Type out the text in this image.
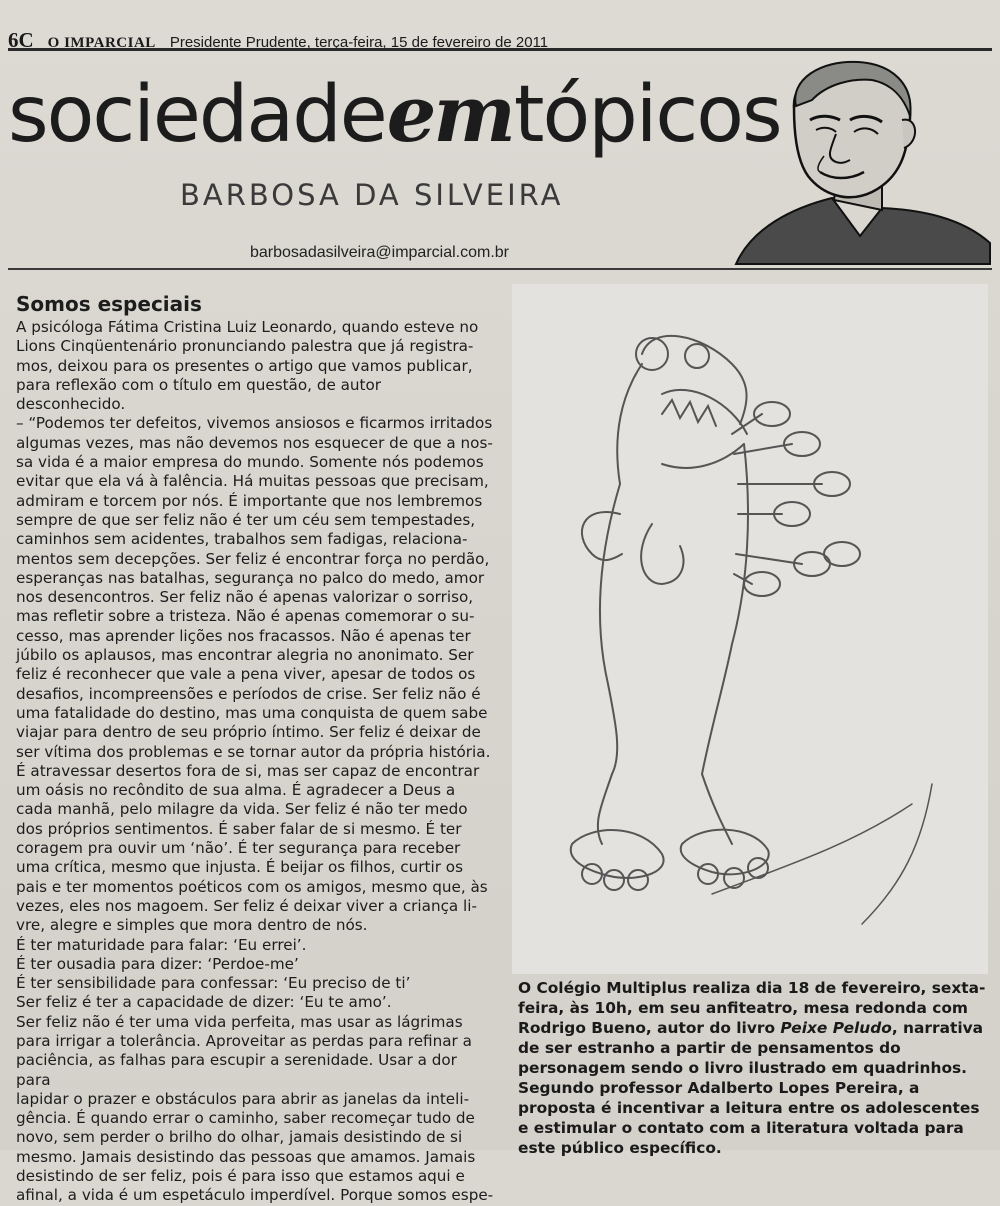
6C O IMPARCIAL Presidente Prudente, terça-feira, 15 de fevereiro de 2011
sociedadeemtópicos
BARBOSA DA SILVEIRA
barbosadasilveira@imparcial.com.br
Somos especiais

A psicóloga Fátima Cristina Luiz Leonardo, quando esteve no
Lions Cinqüentenário pronunciando palestra que já registra-
mos, deixou para os presentes o artigo que vamos publicar,
para reflexão com o título em questão, de autor desconhecido.
– “Podemos ter defeitos, vivemos ansiosos e ficarmos irritados
algumas vezes, mas não devemos nos esquecer de que a nos-
sa vida é a maior empresa do mundo. Somente nós podemos
evitar que ela vá à falência. Há muitas pessoas que precisam,
admiram e torcem por nós. É importante que nos lembremos
sempre de que ser feliz não é ter um céu sem tempestades,
caminhos sem acidentes, trabalhos sem fadigas, relaciona-
mentos sem decepções. Ser feliz é encontrar força no perdão,
esperanças nas batalhas, segurança no palco do medo, amor
nos desencontros. Ser feliz não é apenas valorizar o sorriso,
mas refletir sobre a tristeza. Não é apenas comemorar o su-
cesso, mas aprender lições nos fracassos. Não é apenas ter
júbilo os aplausos, mas encontrar alegria no anonimato. Ser
feliz é reconhecer que vale a pena viver, apesar de todos os
desafios, incompreensões e períodos de crise. Ser feliz não é
uma fatalidade do destino, mas uma conquista de quem sabe
viajar para dentro de seu próprio íntimo. Ser feliz é deixar de
ser vítima dos problemas e se tornar autor da própria história.
É atravessar desertos fora de si, mas ser capaz de encontrar
um oásis no recôndito de sua alma. É agradecer a Deus a
cada manhã, pelo milagre da vida. Ser feliz é não ter medo
dos próprios sentimentos. É saber falar de si mesmo. É ter
coragem pra ouvir um ‘não’. É ter segurança para receber
uma crítica, mesmo que injusta. É beijar os filhos, curtir os
pais e ter momentos poéticos com os amigos, mesmo que, às
vezes, eles nos magoem. Ser feliz é deixar viver a criança li-
vre, alegre e simples que mora dentro de nós.
É ter maturidade para falar: ‘Eu errei’.
É ter ousadia para dizer: ‘Perdoe-me’
É ter sensibilidade para confessar: ‘Eu preciso de ti’
Ser feliz é ter a capacidade de dizer: ‘Eu te amo’.
Ser feliz não é ter uma vida perfeita, mas usar as lágrimas
para irrigar a tolerância. Aproveitar as perdas para refinar a
paciência, as falhas para escupir a serenidade. Usar a dor para
lapidar o prazer e obstáculos para abrir as janelas da inteli-
gência. É quando errar o caminho, saber recomeçar tudo de
novo, sem perder o brilho do olhar, jamais desistindo de si
mesmo. Jamais desistindo das pessoas que amamos. Jamais
desistindo de ser feliz, pois é para isso que estamos aqui e
afinal, a vida é um espetáculo imperdível. Porque somos espe-

O Colégio Multiplus realiza dia 18 de fevereiro, sexta-feira, às 10h, em seu anfiteatro, mesa redonda com Rodrigo Bueno, autor do livro Peixe Peludo, narrativa de ser estranho a partir de pensamentos do personagem sendo o livro ilustrado em quadrinhos. Segundo professor Adalberto Lopes Pereira, a proposta é incentivar a leitura entre os adolescentes e estimular o contato com a literatura voltada para este público específico.
